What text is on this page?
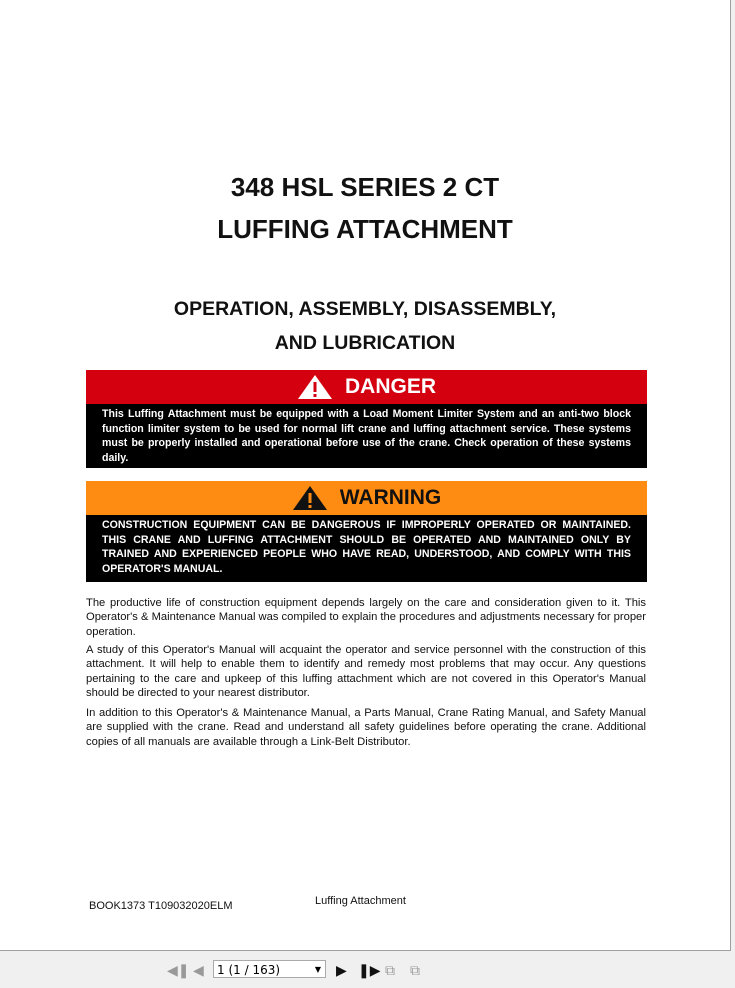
348 HSL SERIES 2 CT
LUFFING ATTACHMENT
OPERATION, ASSEMBLY, DISASSEMBLY,
AND LUBRICATION
DANGER
This Luffing Attachment must be equipped with a Load Moment Limiter System and an anti-two block function limiter system to be used for normal lift crane and luffing attachment service. These systems must be properly installed and operational before use of the crane. Check operation of these systems daily.
WARNING
CONSTRUCTION EQUIPMENT CAN BE DANGEROUS IF IMPROPERLY OPERATED OR MAINTAINED. THIS CRANE AND LUFFING ATTACHMENT SHOULD BE OPERATED AND MAINTAINED ONLY BY TRAINED AND EXPERIENCED PEOPLE WHO HAVE READ, UNDERSTOOD, AND COMPLY WITH THIS OPERATOR'S MANUAL.
The productive life of construction equipment depends largely on the care and consideration given to it. This Operator's & Maintenance Manual was compiled to explain the procedures and adjustments necessary for proper operation.
A study of this Operator's Manual will acquaint the operator and service personnel with the construction of this attachment. It will help to enable them to identify and remedy most problems that may occur. Any questions pertaining to the care and upkeep of this luffing attachment which are not covered in this Operator's Manual should be directed to your nearest distributor.
In addition to this Operator's & Maintenance Manual, a Parts Manual, Crane Rating Manual, and Safety Manual are supplied with the crane. Read and understand all safety guidelines before operating the crane. Additional copies of all manuals are available through a Link-Belt Distributor.
BOOK1373 T109032020ELM	Luffing Attachment
◀❚ ◀	▶ ❚▶ ⧉ ⧉
1 (1 / 163)	▼
